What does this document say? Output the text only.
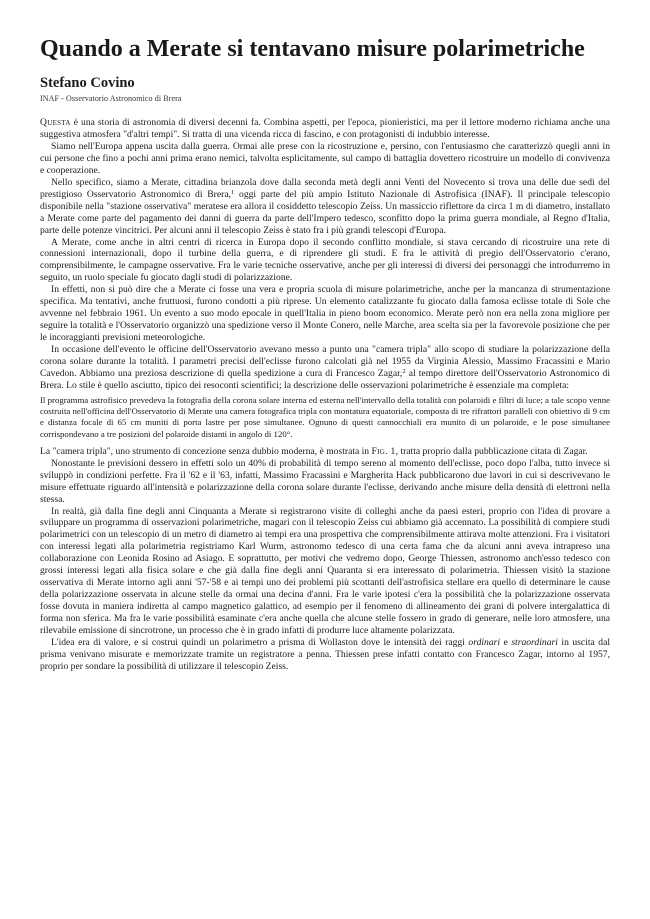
Quando a Merate si tentavano misure polarimetriche
Stefano Covino
INAF - Osservatorio Astronomico di Brera

Questa è una storia di astronomia di diversi decenni fa. Combina aspetti, per l'epoca, pionieristici, ma per il lettore moderno richiama anche una suggestiva atmosfera "d'altri tempi". Si tratta di una vicenda ricca di fascino, e con protagonisti di indubbio interesse.

Siamo nell'Europa appena uscita dalla guerra. Ormai alle prese con la ricostruzione e, persino, con l'entusiasmo che caratterizzò quegli anni in cui persone che fino a pochi anni prima erano nemici, talvolta esplicitamente, sul campo di battaglia dovettero ricostruire un modello di convivenza e cooperazione.

Nello specifico, siamo a Merate, cittadina brianzola dove dalla seconda metà degli anni Venti del Novecento si trova una delle due sedi del prestigioso Osservatorio Astronomico di Brera,$^1$ oggi parte del più ampio Istituto Nazionale di Astrofisica (INAF). Il principale telescopio disponibile nella "stazione osservativa" meratese era allora il cosiddetto telescopio Zeiss. Un massiccio riflettore da circa 1 m di diametro, installato a Merate come parte del pagamento dei danni di guerra da parte dell'Impero tedesco, sconfitto dopo la prima guerra mondiale, al Regno d'Italia, parte delle potenze vincitrici. Per alcuni anni il telescopio Zeiss è stato fra i più grandi telescopi d'Europa.

A Merate, come anche in altri centri di ricerca in Europa dopo il secondo conflitto mondiale, si stava cercando di ricostruire una rete di connessioni internazionali, dopo il turbine della guerra, e di riprendere gli studi. E fra le attività di pregio dell'Osservatorio c'erano, comprensibilmente, le campagne osservative. Fra le varie tecniche osservative, anche per gli interessi di diversi dei personaggi che introdurremo in seguito, un ruolo speciale fu giocato dagli studi di polarizzazione.

In effetti, non si può dire che a Merate ci fosse una vera e propria scuola di misure polarimetriche, anche per la mancanza di strumentazione specifica. Ma tentativi, anche fruttuosi, furono condotti a più riprese. Un elemento catalizzante fu giocato dalla famosa eclisse totale di Sole che avvenne nel febbraio 1961. Un evento a suo modo epocale in quell'Italia in pieno boom economico. Merate però non era nella zona migliore per seguire la totalità e l'Osservatorio organizzò una spedizione verso il Monte Conero, nelle Marche, area scelta sia per la favorevole posizione che per le incoraggianti previsioni meteorologiche.

In occasione dell'evento le officine dell'Osservatorio avevano messo a punto una "camera tripla" allo scopo di studiare la polarizzazione della corona solare durante la totalità. I parametri precisi dell'eclisse furono calcolati già nel 1955 da Virginia Alessio, Massimo Fracassini e Mario Cavedon. Abbiamo una preziosa descrizione di quella spedizione a cura di Francesco Zagar,$^2$ al tempo direttore dell'Osservatorio Astronomico di Brera. Lo stile è quello asciutto, tipico dei resoconti scientifici; la descrizione delle osservazioni polarimetriche è essenziale ma completa:

Il programma astrofisico prevedeva la fotografia della corona solare interna ed esterna nell'intervallo della totalità con polaroidi e filtri di luce; a tale scopo venne costruita nell'officina dell'Osservatorio di Merate una camera fotografica tripla con montatura equatoriale, composta di tre rifrattori paralleli con obiettivo di 9 cm e distanza focale di 65 cm muniti di porta lastre per pose simultanee. Ognuno di questi cannocchiali era munito di un polaroide, e le pose simultanee corrispondevano a tre posizioni del polaroide distanti in angolo di 120°.

La "camera tripla", uno strumento di concezione senza dubbio moderna, è mostrata in Fig. 1, tratta proprio dalla pubblicazione citata di Zagar.

Nonostante le previsioni dessero in effetti solo un 40% di probabilità di tempo sereno al momento dell'eclisse, poco dopo l'alba, tutto invece si sviluppò in condizioni perfette. Fra il '62 e il '63, infatti, Massimo Fracassini e Margherita Hack pubblicarono due lavori in cui si descrivevano le misure effettuate riguardo all'intensità e polarizzazione della corona solare durante l'eclisse, derivando anche misure della densità di elettroni nella stessa.

In realtà, già dalla fine degli anni Cinquanta a Merate si registrarono visite di colleghi anche da paesi esteri, proprio con l'idea di provare a sviluppare un programma di osservazioni polarimetriche, magari con il telescopio Zeiss cui abbiamo già accennato. La possibilità di compiere studi polarimetrici con un telescopio di un metro di diametro ai tempi era una prospettiva che comprensibilmente attirava molte attenzioni. Fra i visitatori con interessi legati alla polarimetria registriamo Karl Wurm, astronomo tedesco di una certa fama che da alcuni anni aveva intrapreso una collaborazione con Leonida Rosino ad Asiago. E soprattutto, per motivi che vedremo dopo, George Thiessen, astronomo anch'esso tedesco con grossi interessi legati alla fisica solare e che già dalla fine degli anni Quaranta si era interessato di polarimetria. Thiessen visitò la stazione osservativa di Merate intorno agli anni '57-'58 e ai tempi uno dei problemi più scottanti dell'astrofisica stellare era quello di determinare le cause della polarizzazione osservata in alcune stelle da ormai una decina d'anni. Fra le varie ipotesi c'era la possibilità che la polarizzazione osservata fosse dovuta in maniera indiretta al campo magnetico galattico, ad esempio per il fenomeno di allineamento dei grani di polvere intergalattica di forma non sferica. Ma fra le varie possibilità esaminate c'era anche quella che alcune stelle fossero in grado di generare, nelle loro atmosfere, una rilevabile emissione di sincrotrone, un processo che è in grado infatti di produrre luce altamente polarizzata.

L'idea era di valore, e si costruì quindi un polarimetro a prisma di Wollaston dove le intensità dei raggi ordinari e straordinari in uscita dal prisma venivano misurate e memorizzate tramite un registratore a penna. Thiessen prese infatti contatto con Francesco Zagar, intorno al 1957, proprio per sondare la possibilità di utilizzare il telescopio Zeiss.
